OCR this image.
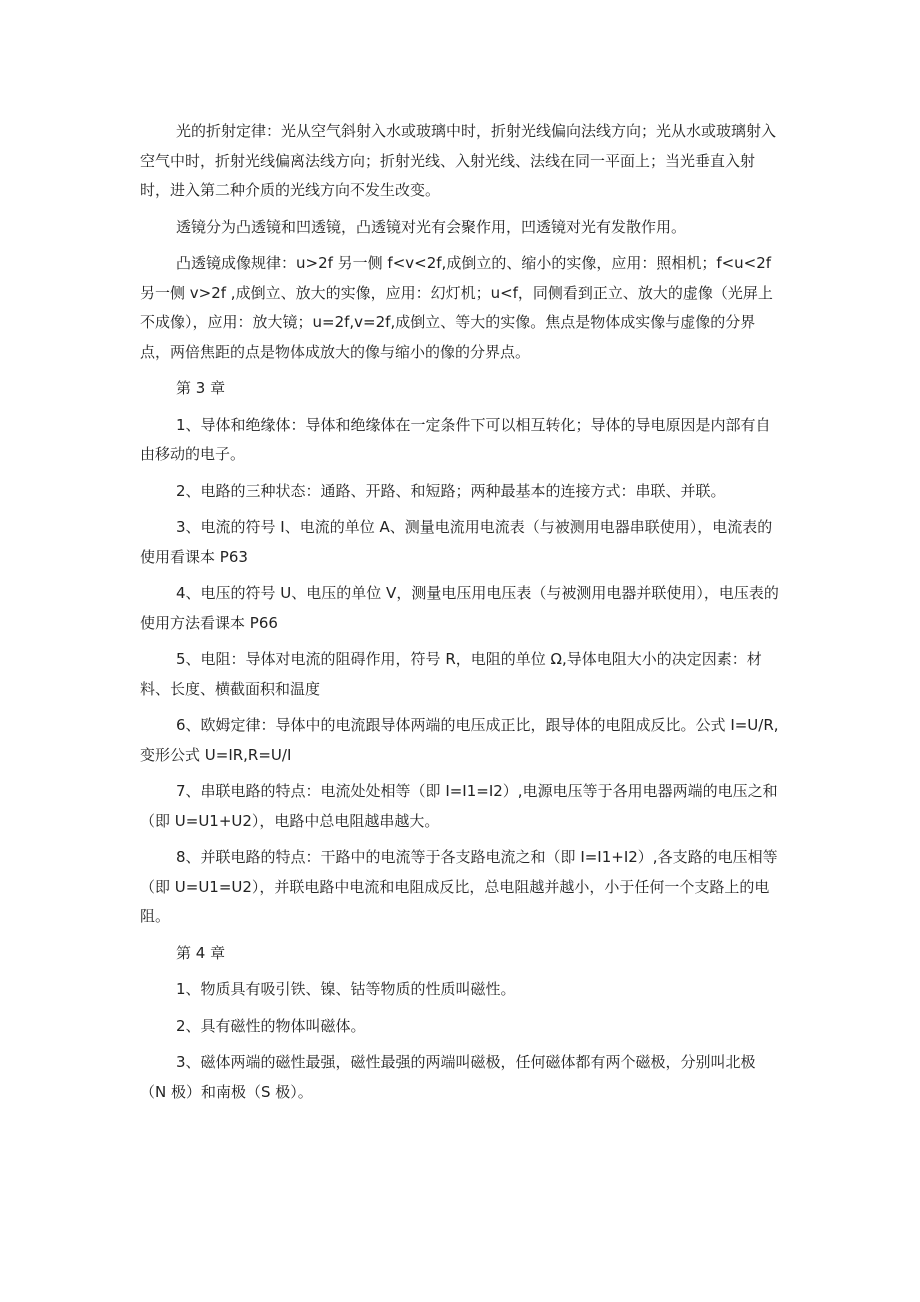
光的折射定律：光从空气斜射入水或玻璃中时，折射光线偏向法线方向；光从水或玻璃射入空气中时，折射光线偏离法线方向；折射光线、入射光线、法线在同一平面上；当光垂直入射时，进入第二种介质的光线方向不发生改变。

透镜分为凸透镜和凹透镜，凸透镜对光有会聚作用，凹透镜对光有发散作用。

凸透镜成像规律：u>2f 另一侧 f<v<2f,成倒立的、缩小的实像，应用：照相机；f<u<2f 另一侧 v>2f ,成倒立、放大的实像，应用：幻灯机；u<f，同侧看到正立、放大的虚像（光屏上不成像），应用：放大镜；u=2f,v=2f,成倒立、等大的实像。焦点是物体成实像与虚像的分界点，两倍焦距的点是物体成放大的像与缩小的像的分界点。

第 3 章

1、导体和绝缘体：导体和绝缘体在一定条件下可以相互转化；导体的导电原因是内部有自由移动的电子。

2、电路的三种状态：通路、开路、和短路；两种最基本的连接方式：串联、并联。

3、电流的符号 I、电流的单位 A、测量电流用电流表（与被测用电器串联使用），电流表的使用看课本 P63

4、电压的符号 U、电压的单位 V，测量电压用电压表（与被测用电器并联使用），电压表的使用方法看课本 P66

5、电阻：导体对电流的阻碍作用，符号 R，电阻的单位 Ω,导体电阻大小的决定因素：材料、长度、横截面积和温度

6、欧姆定律：导体中的电流跟导体两端的电压成正比，跟导体的电阻成反比。公式 I=U/R,变形公式 U=IR,R=U/I

7、串联电路的特点：电流处处相等（即 I=I1=I2）,电源电压等于各用电器两端的电压之和（即 U=U1+U2），电路中总电阻越串越大。

8、并联电路的特点：干路中的电流等于各支路电流之和（即 I=I1+I2）,各支路的电压相等（即 U=U1=U2），并联电路中电流和电阻成反比，总电阻越并越小，小于任何一个支路上的电阻。

第 4 章

1、物质具有吸引铁、镍、钴等物质的性质叫磁性。

2、具有磁性的物体叫磁体。

3、磁体两端的磁性最强，磁性最强的两端叫磁极，任何磁体都有两个磁极，分别叫北极（N 极）和南极（S 极）。
